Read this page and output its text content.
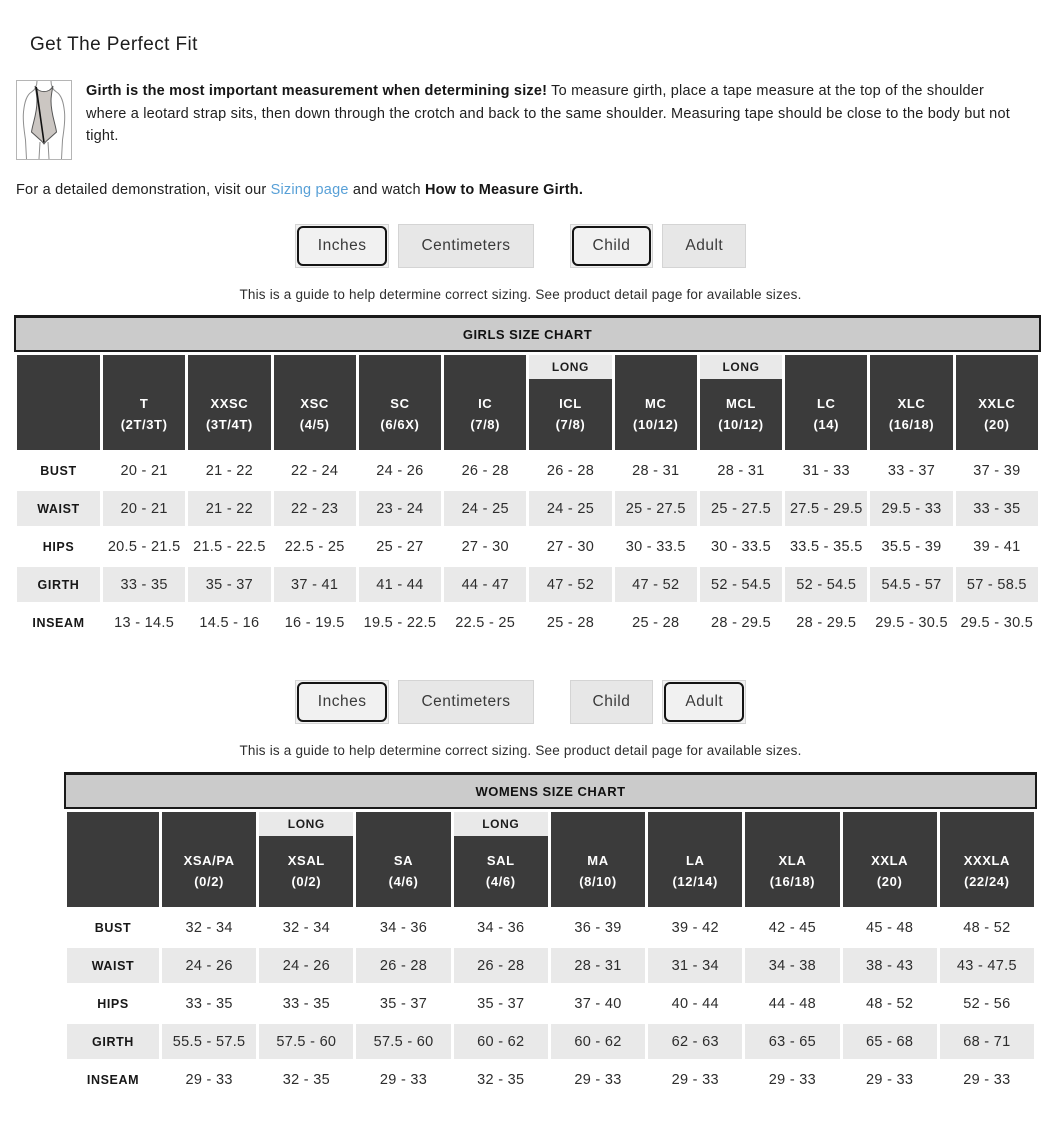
Get The Perfect Fit

Girth is the most important measurement when determining size! To measure girth, place a tape measure at the top of the shoulder where a leotard strap sits, then down through the crotch and back to the same shoulder. Measuring tape should be close to the body but not tight.

For a detailed demonstration, visit our Sizing page and watch How to Measure Girth.

Inches	Centimeters	Child	Adult
This is a guide to help determine correct sizing. See product detail page for available sizes.
GIRLS SIZE CHART

T
(2T/3T)

XXSC
(3T/4T)

XSC
(4/5)

SC
(6/6X)

IC
(7/8)

LONG
ICL
(7/8)

MC
(10/12)

LONG
MCL
(10/12)

LC
(14)

XLC
(16/18)

XXLC
(20)

BUST	20 - 21	21 - 22	22 - 24	24 - 26	26 - 28	26 - 28	28 - 31	28 - 31	31 - 33	33 - 37	37 - 39
WAIST	20 - 21	21 - 22	22 - 23	23 - 24	24 - 25	24 - 25	25 - 27.5	25 - 27.5	27.5 - 29.5	29.5 - 33	33 - 35
HIPS	20.5 - 21.5	21.5 - 22.5	22.5 - 25	25 - 27	27 - 30	27 - 30	30 - 33.5	30 - 33.5	33.5 - 35.5	35.5 - 39	39 - 41
GIRTH	33 - 35	35 - 37	37 - 41	41 - 44	44 - 47	47 - 52	47 - 52	52 - 54.5	52 - 54.5	54.5 - 57	57 - 58.5
INSEAM	13 - 14.5	14.5 - 16	16 - 19.5	19.5 - 22.5	22.5 - 25	25 - 28	25 - 28	28 - 29.5	28 - 29.5	29.5 - 30.5	29.5 - 30.5
Inches	Centimeters	Child	Adult
This is a guide to help determine correct sizing. See product detail page for available sizes.
WOMENS SIZE CHART

XSA/PA
(0/2)

LONG
XSAL
(0/2)

SA
(4/6)

LONG
SAL
(4/6)

MA
(8/10)

LA
(12/14)

XLA
(16/18)

XXLA
(20)

XXXLA
(22/24)

BUST	32 - 34	32 - 34	34 - 36	34 - 36	36 - 39	39 - 42	42 - 45	45 - 48	48 - 52
WAIST	24 - 26	24 - 26	26 - 28	26 - 28	28 - 31	31 - 34	34 - 38	38 - 43	43 - 47.5
HIPS	33 - 35	33 - 35	35 - 37	35 - 37	37 - 40	40 - 44	44 - 48	48 - 52	52 - 56
GIRTH	55.5 - 57.5	57.5 - 60	57.5 - 60	60 - 62	60 - 62	62 - 63	63 - 65	65 - 68	68 - 71
INSEAM	29 - 33	32 - 35	29 - 33	32 - 35	29 - 33	29 - 33	29 - 33	29 - 33	29 - 33
